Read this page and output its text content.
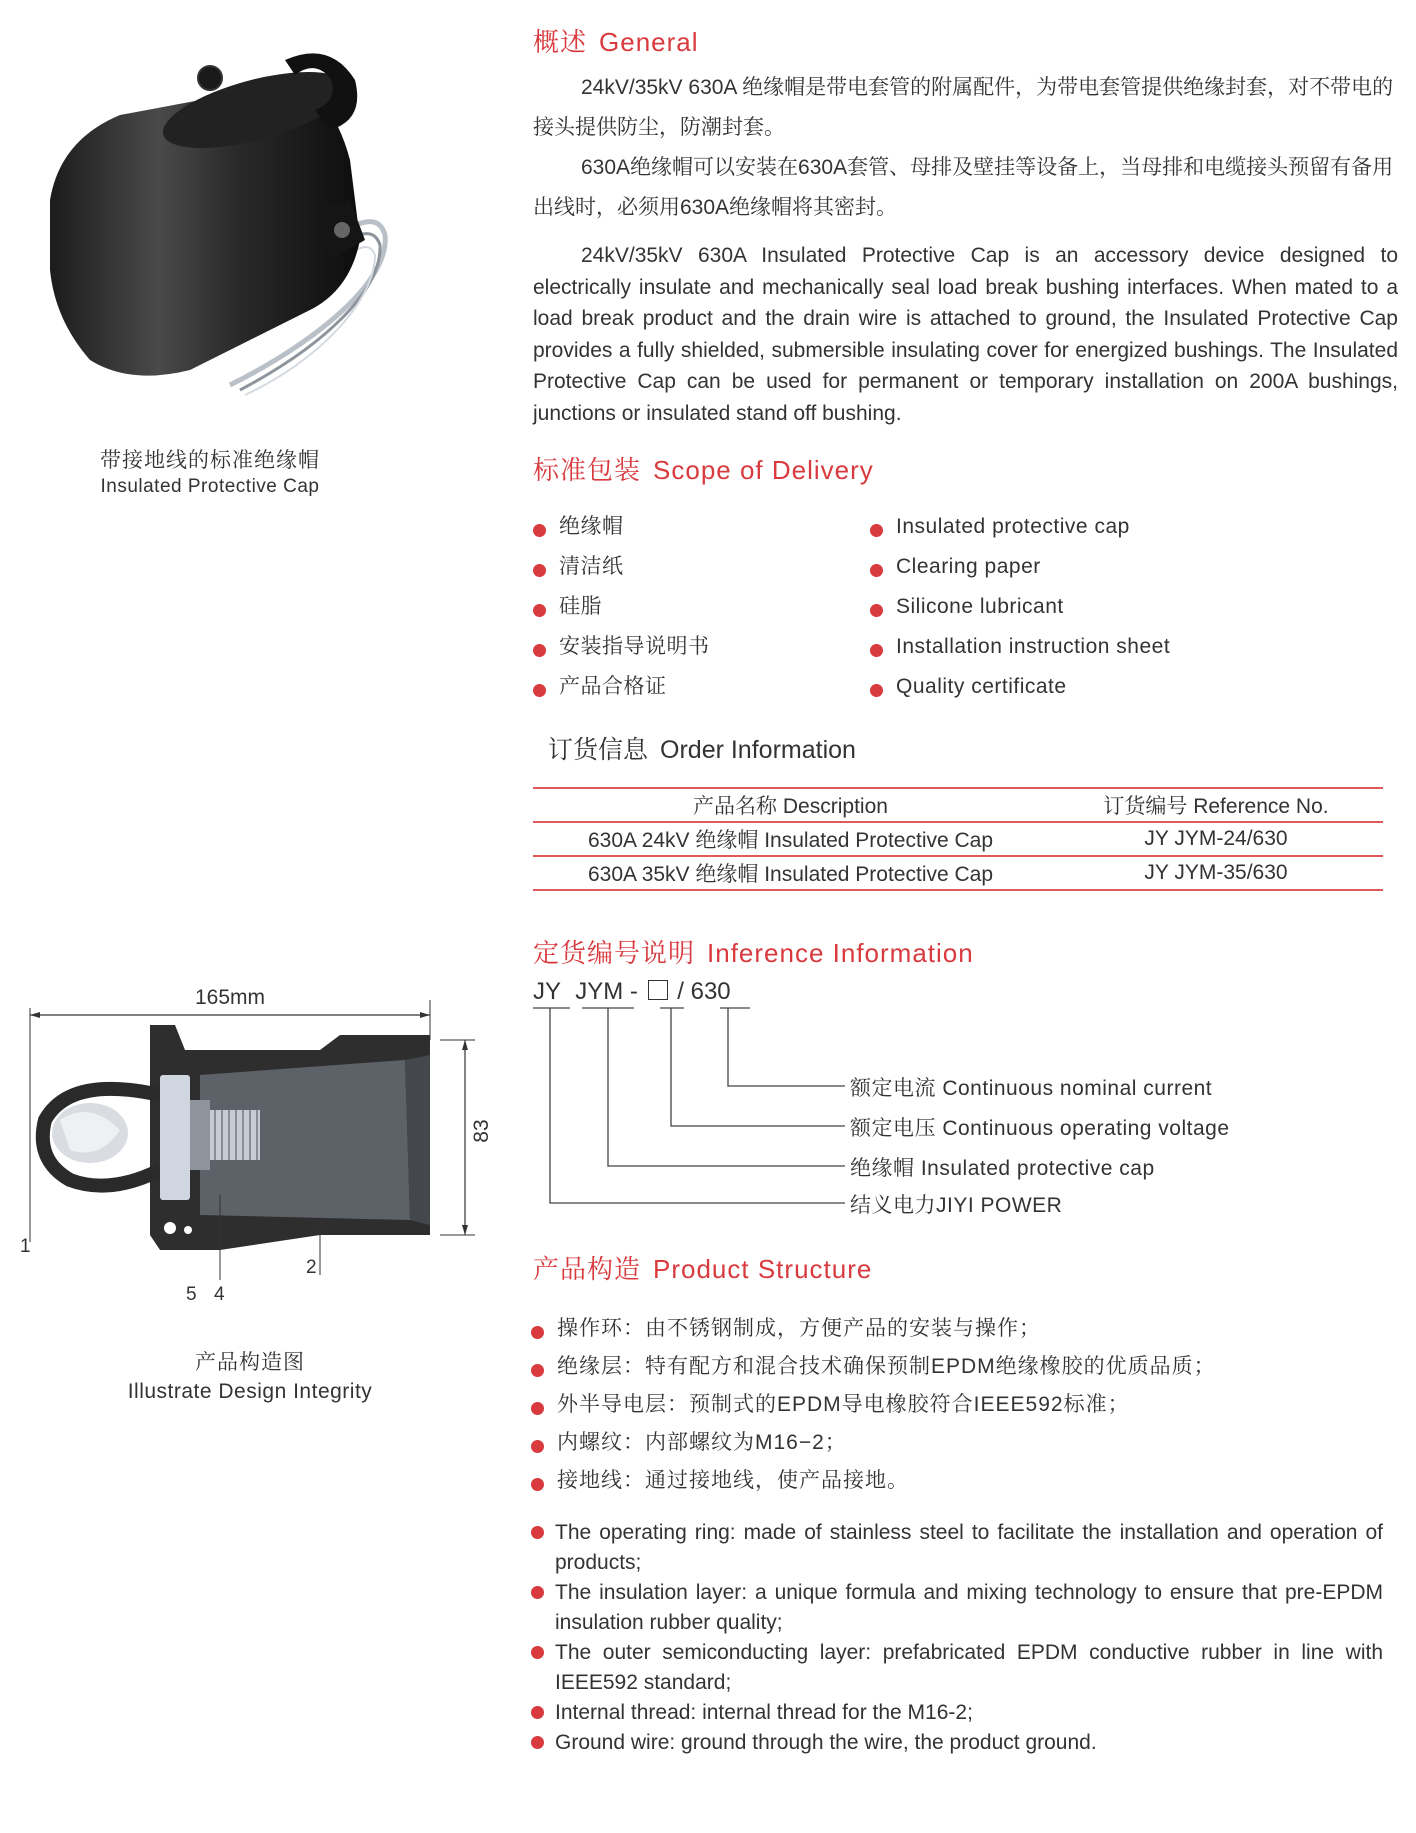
带接地线的标准绝缘帽
Insulated Protective Cap
165mm
83
1
2
4
5
产品构造图
Illustrate Design Integrity
概述 General

24kV/35kV 630A 绝缘帽是带电套管的附属配件，为带电套管提供绝缘封套，对不带电的接头提供防尘，防潮封套。

630A绝缘帽可以安装在630A套管、母排及壁挂等设备上，当母排和电缆接头预留有备用出线时，必须用630A绝缘帽将其密封。

24kV/35kV 630A Insulated Protective Cap is an accessory device designed to electrically insulate and mechanically seal load break bushing interfaces. When mated to a load break product and the drain wire is attached to ground, the Insulated Protective Cap provides a fully shielded, submersible insulating cover for energized bushings. The Insulated Protective Cap can be used for permanent or temporary installation on 200A bushings, junctions or insulated stand off bushing.

标准包装 Scope of Delivery
绝缘帽
清洁纸
硅脂
安装指导说明书
产品合格证
Insulated protective cap
Clearing paper
Silicone lubricant
Installation instruction sheet
Quality certificate
订货信息 Order Information
产品名称 Description	订货编号 Reference No.
630A 24kV 绝缘帽 Insulated Protective Cap	JY JYM-24/630
630A 35kV 绝缘帽 Insulated Protective Cap	JY JYM-35/630
定货编号说明 Inference Information
JY JYM - / 630
额定电流 Continuous nominal current
额定电压 Continuous operating voltage
绝缘帽 Insulated protective cap
结义电力JIYI POWER
产品构造 Product Structure
操作环：由不锈钢制成，方便产品的安装与操作；
绝缘层：特有配方和混合技术确保预制EPDM绝缘橡胶的优质品质；
外半导电层：预制式的EPDM导电橡胶符合IEEE592标准；
内螺纹：内部螺纹为M16−2；
接地线：通过接地线，使产品接地。
The operating ring: made of stainless steel to facilitate the installation and operation of products;
The insulation layer: a unique formula and mixing technology to ensure that pre-EPDM insulation rubber quality;
The outer semiconducting layer: prefabricated EPDM conductive rubber in line with IEEE592 standard;
Internal thread: internal thread for the M16-2;
Ground wire: ground through the wire, the product ground.
